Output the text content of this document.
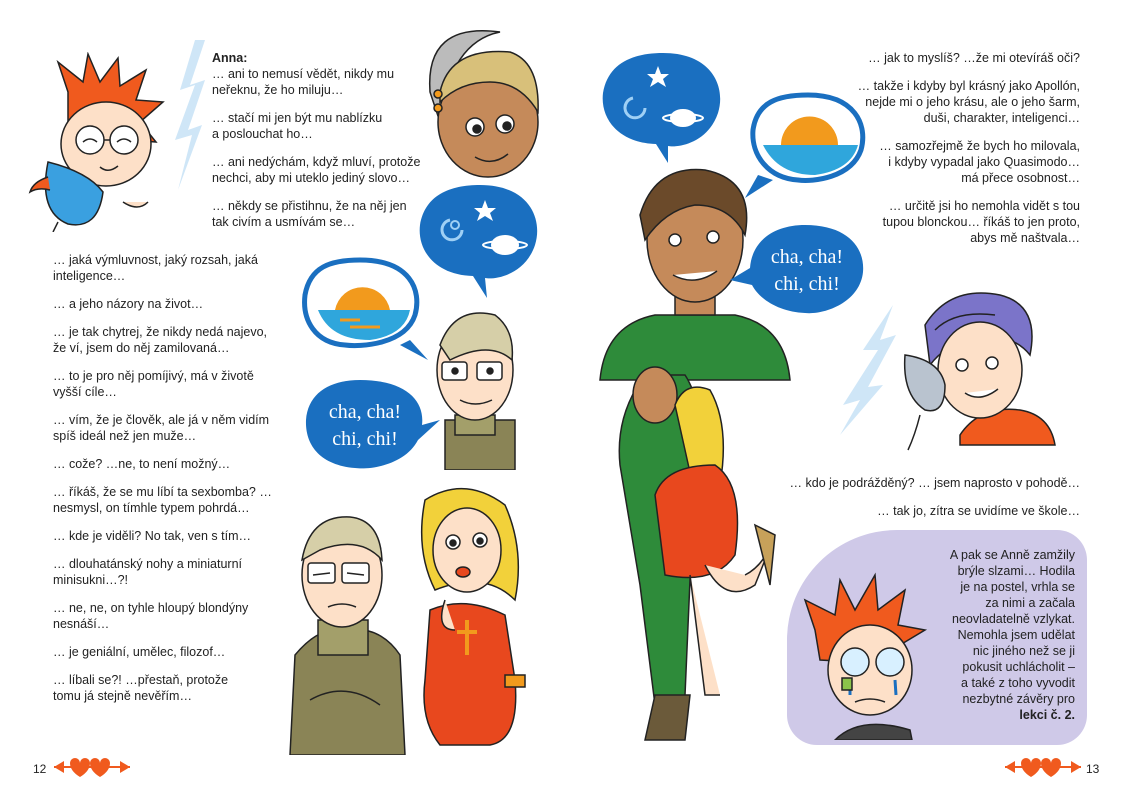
Anna:

… ani to nemusí vědět, nikdy mu
neřeknu, že ho miluju…

… stačí mi jen být mu nablízku
a poslouchat ho…

… ani nedýchám, když mluví, protože
nechci, aby mi uteklo jediný slovo…

… někdy se přistihnu, že na něj jen
tak civím a usmívám se…

cha, cha!
chi, chi!

… jaká výmluvnost, jaký rozsah, jaká
inteligence…

… a jeho názory na život…

… je tak chytrej, že nikdy nedá najevo,
že ví, jsem do něj zamilovaná…

… to je pro něj pomíjivý, má v životě
vyšší cíle…

… vím, že je člověk, ale já v něm vidím
spíš ideál než jen muže…

… cože? …ne, to není možný…

… říkáš, že se mu líbí ta sexbomba? …
nesmysl, on tímhle typem pohrdá…

… kde je viděli? No tak, ven s tím…

… dlouhatánský nohy a miniaturní
minisukni…?!

… ne, ne, on tyhle hloupý blondýny
nesnáší…

… je geniální, umělec, filozof…

… líbali se?! …přestaň, protože
tomu já stejně nevěřím…

12
cha, cha!
chi, chi!

… jak to myslíš? …že mi otevíráš oči?

… takže i kdyby byl krásný jako Apollón,
nejde mi o jeho krásu, ale o jeho šarm,
duši, charakter, inteligenci…

… samozřejmě že bych ho milovala,
i kdyby vypadal jako Quasimodo…
má přece osobnost…

… určitě jsi ho nemohla vidět s tou
tupou blonckou… říkáš to jen proto,
abys mě naštvala…

… kdo je podrážděný? … jsem naprosto v pohodě…

… tak jo, zítra se uvidíme ve škole…

A pak se Anně zamžily
brýle slzami… Hodila
je na postel, vrhla se
za nimi a začala
neovladatelně vzlykat.
Nemohla jsem udělat
nic jiného než se ji
pokusit uchlácholit –
a také z toho vyvodit
nezbytné závěry pro
lekci č. 2.
13
